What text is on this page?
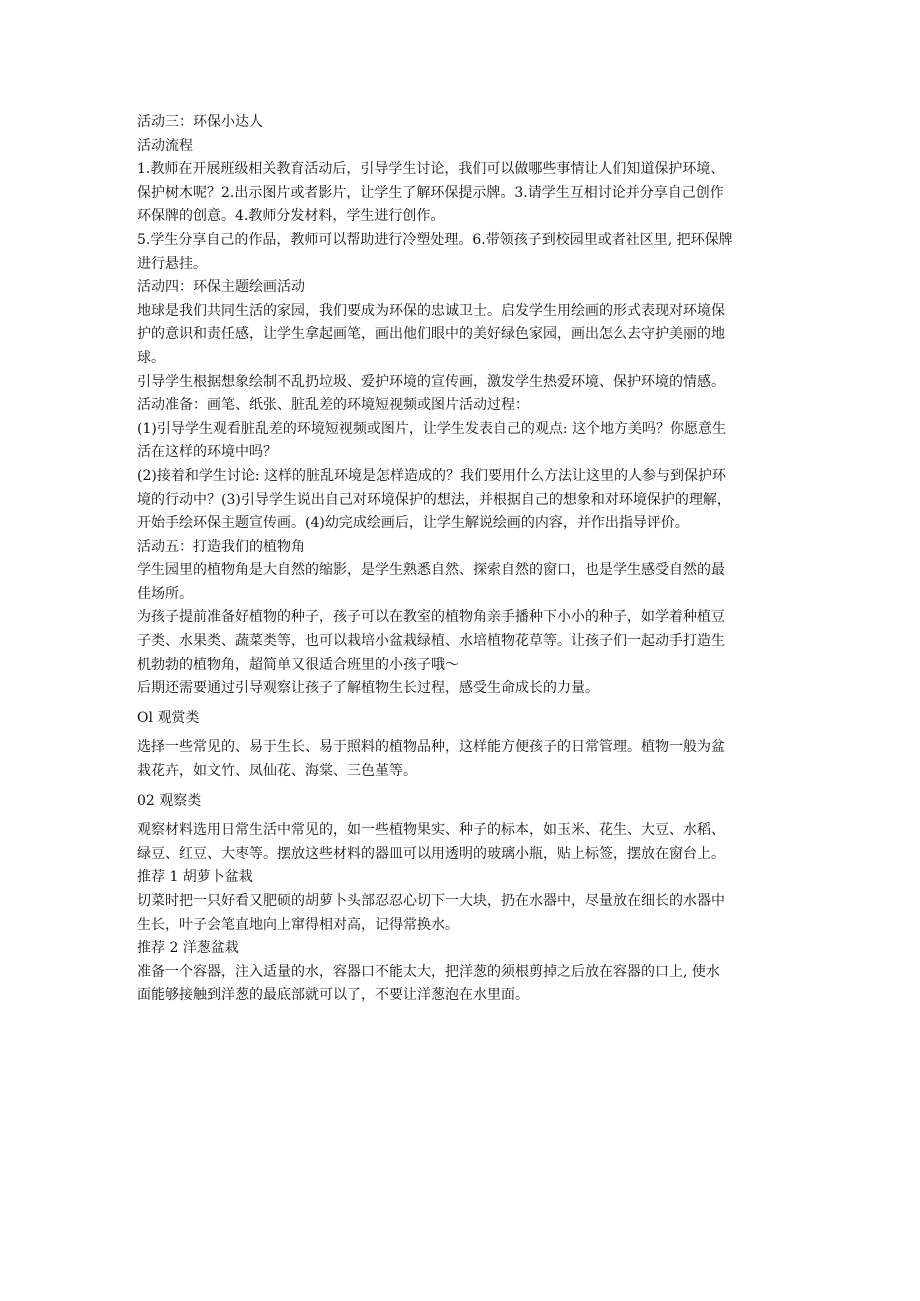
活动三：环保小达人
活动流程
1.教师在开展班级相关教育活动后，引导学生讨论，我们可以做哪些事情让人们知道保护环境、
保护树木呢？2.出示图片或者影片，让学生了解环保提示牌。3.请学生互相讨论并分享自己创作
环保牌的创意。4.教师分发材料，学生进行创作。
5.学生分享自己的作品，教师可以帮助进行冷塑处理。6.带领孩子到校园里或者社区里, 把环保牌
进行悬挂。
活动四：环保主题绘画活动
地球是我们共同生活的家园，我们要成为环保的忠诚卫士。启发学生用绘画的形式表现对环境保
护的意识和责任感，让学生拿起画笔，画出他们眼中的美好绿色家园，画出怎么去守护美丽的地
球。
引导学生根据想象绘制不乱扔垃圾、爱护环境的宣传画，激发学生热爱环境、保护环境的情感。
活动准备：画笔、纸张、脏乱差的环境短视频或图片活动过程：
(1)引导学生观看脏乱差的环境短视频或图片，让学生发表自己的观点: 这个地方美吗？你愿意生
活在这样的环境中吗？
(2)接着和学生讨论: 这样的脏乱环境是怎样造成的？我们要用什么方法让这里的人参与到保护环
境的行动中？(3)引导学生说出自己对环境保护的想法，并根据自己的想象和对环境保护的理解，
开始手绘环保主题宣传画。(4)幼完成绘画后，让学生解说绘画的内容，并作出指导评价。
活动五：打造我们的植物角
学生园里的植物角是大自然的缩影，是学生熟悉自然、探索自然的窗口，也是学生感受自然的最
佳场所。
为孩子提前准备好植物的种子，孩子可以在教室的植物角亲手播种下小小的种子，如学着种植豆
子类、水果类、蔬菜类等，也可以栽培小盆栽绿植、水培植物花草等。让孩子们一起动手打造生
机勃勃的植物角，超简单又很适合班里的小孩子哦〜
后期还需要通过引导观察让孩子了解植物生长过程，感受生命成长的力量。
Ol 观赏类
选择一些常见的、易于生长、易于照料的植物品种，这样能方便孩子的日常管理。植物一般为盆
栽花卉，如文竹、凤仙花、海棠、三色堇等。
02 观察类
观察材料选用日常生活中常见的，如一些植物果实、种子的标本，如玉米、花生、大豆、水稻、
绿豆、红豆、大枣等。摆放这些材料的器皿可以用透明的玻璃小瓶，贴上标签，摆放在窗台上。
推荐 1 胡萝卜盆栽
切菜时把一只好看又肥硕的胡萝卜头部忍忍心切下一大块，扔在水器中，尽量放在细长的水器中
生长，叶子会笔直地向上窜得相对高，记得常换水。
推荐 2 洋葱盆栽
准备一个容器，注入适量的水，容器口不能太大，把洋葱的须根剪掉之后放在容器的口上, 使水
面能够接触到洋葱的最底部就可以了，不要让洋葱泡在水里面。
